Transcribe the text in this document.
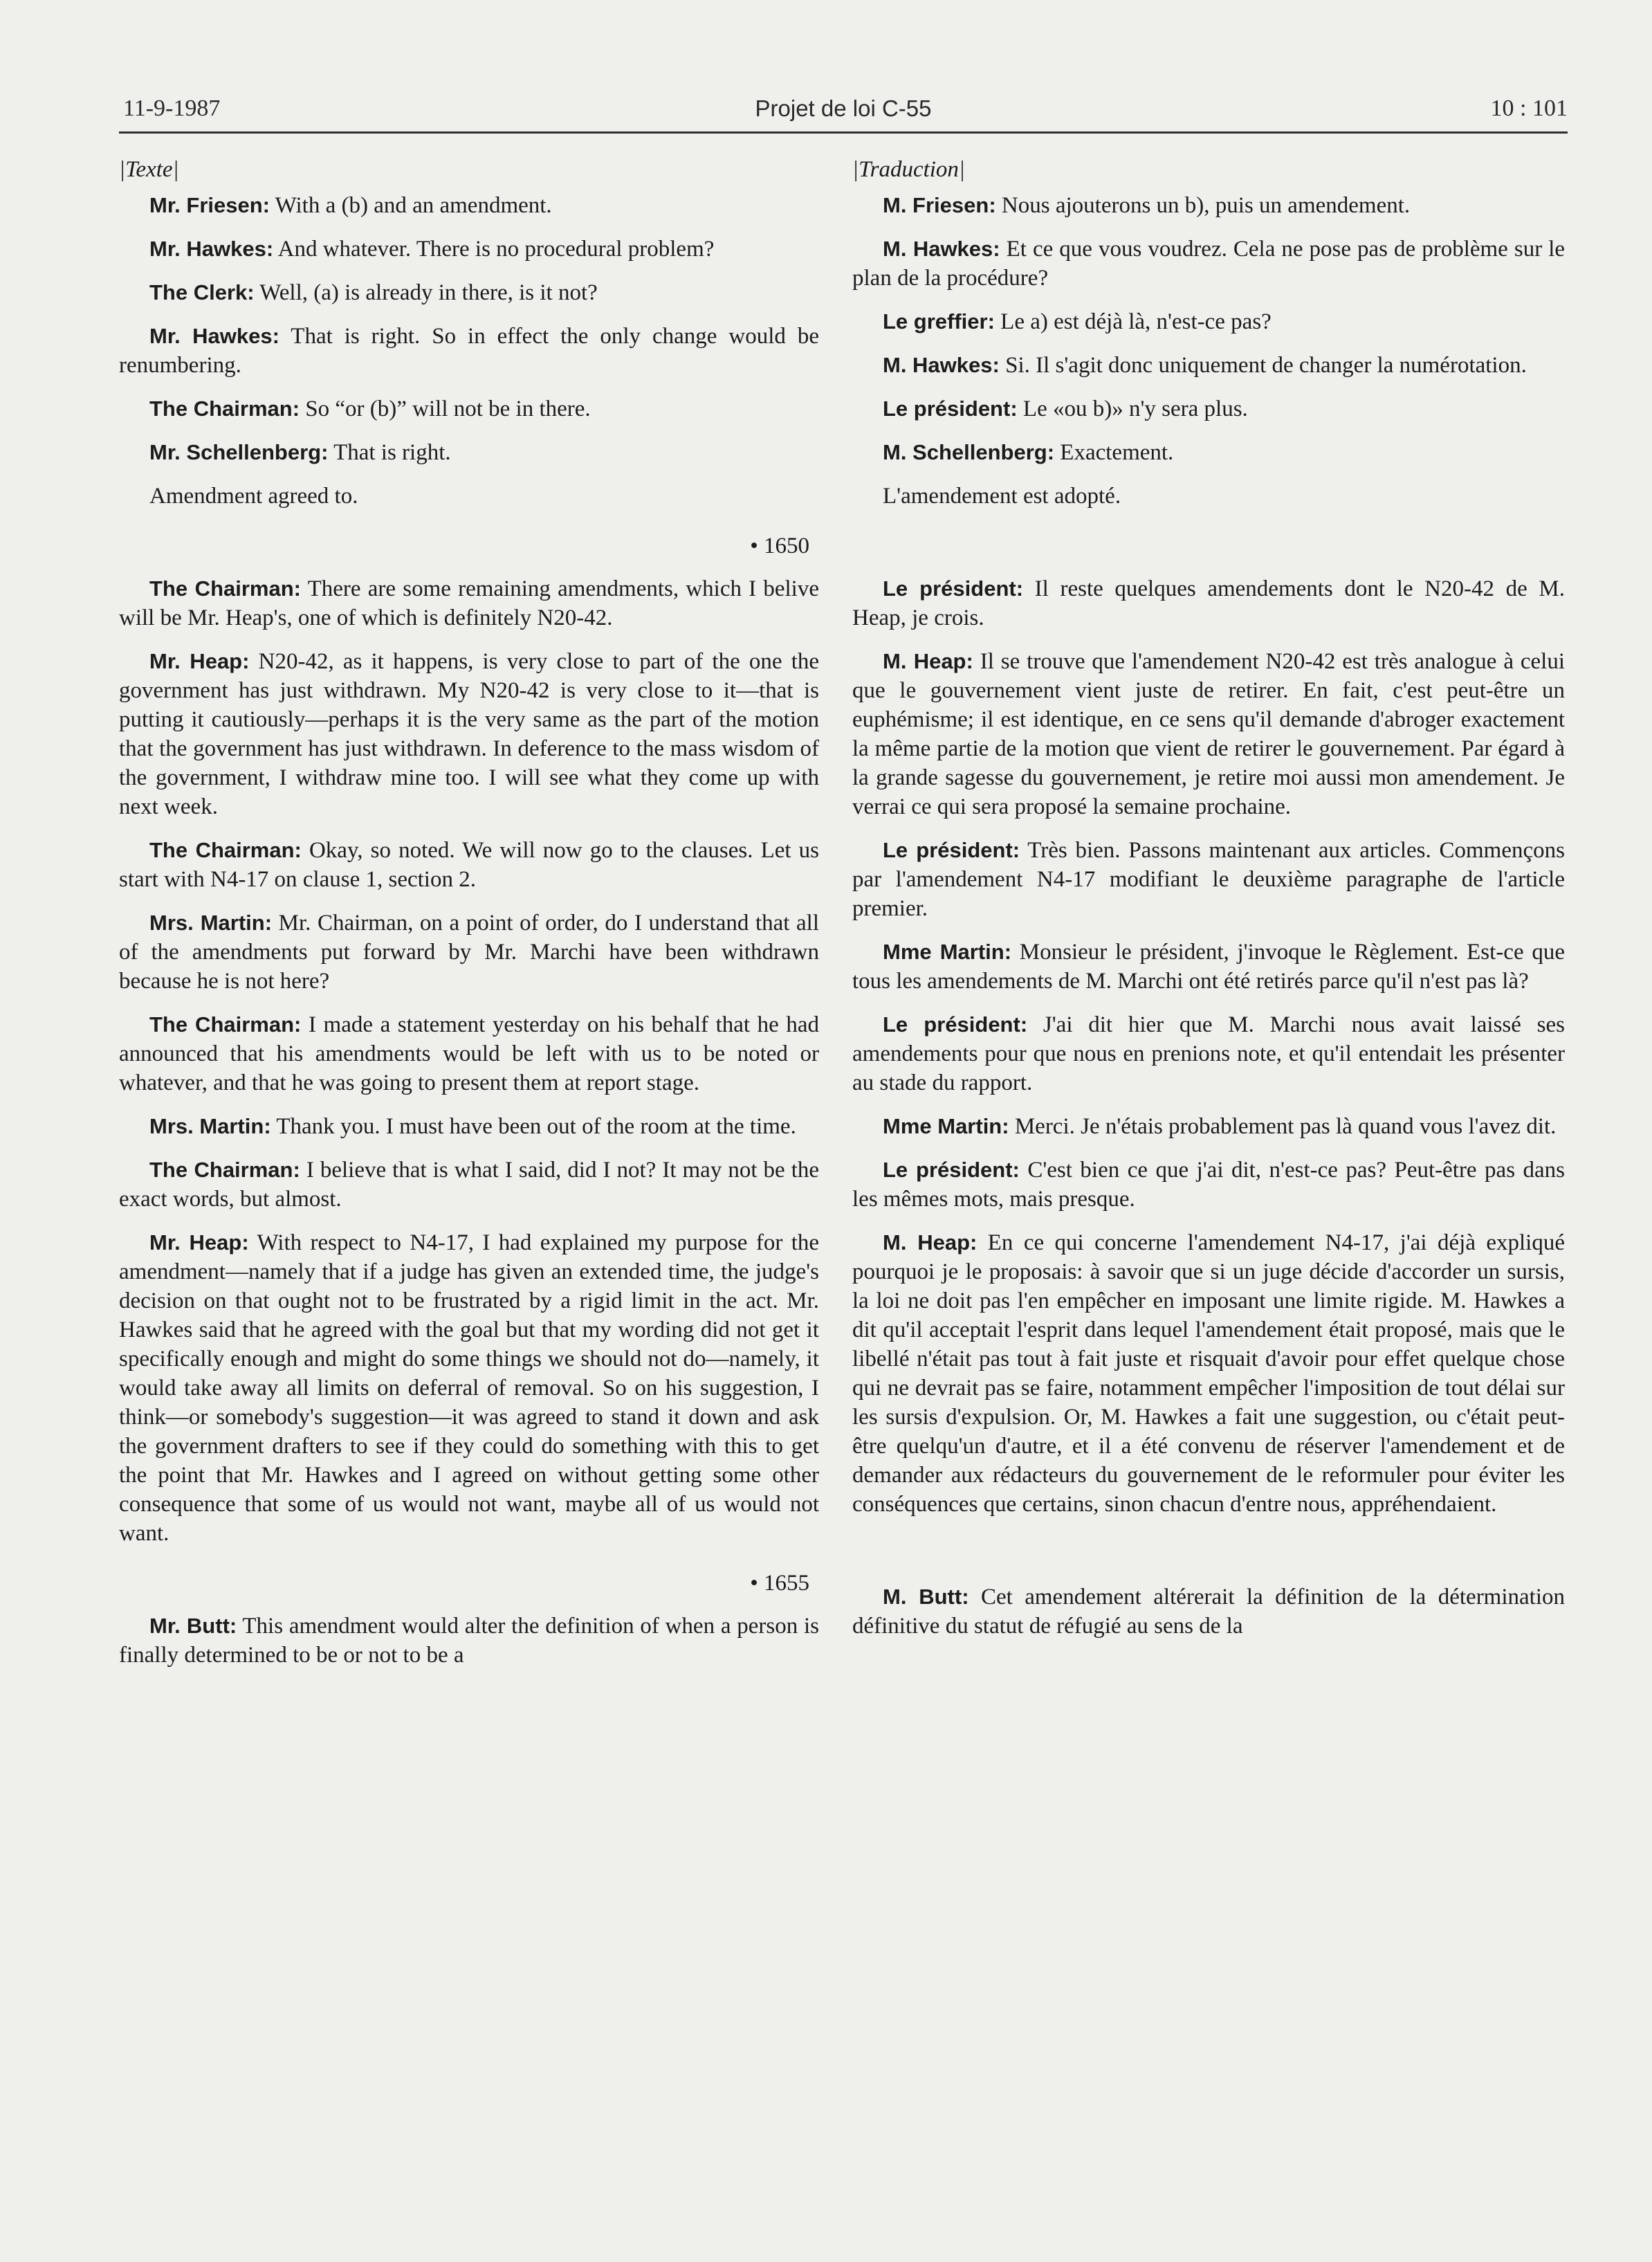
11-9-1987	Projet de loi C-55	10 : 101
|Texte|

Mr. Friesen: With a (b) and an amendment.

Mr. Hawkes: And whatever. There is no procedural problem?

The Clerk: Well, (a) is already in there, is it not?

Mr. Hawkes: That is right. So in effect the only change would be renumbering.

The Chairman: So “or (b)” will not be in there.

Mr. Schellenberg: That is right.

Amendment agreed to.

• 1650

The Chairman: There are some remaining amendments, which I belive will be Mr. Heap's, one of which is definitely N20-42.

Mr. Heap: N20-42, as it happens, is very close to part of the one the government has just withdrawn. My N20-42 is very close to it—that is putting it cautiously—perhaps it is the very same as the part of the motion that the government has just withdrawn. In deference to the mass wisdom of the government, I withdraw mine too. I will see what they come up with next week.

The Chairman: Okay, so noted. We will now go to the clauses. Let us start with N4-17 on clause 1, section 2.

Mrs. Martin: Mr. Chairman, on a point of order, do I understand that all of the amendments put forward by Mr. Marchi have been withdrawn because he is not here?

The Chairman: I made a statement yesterday on his behalf that he had announced that his amendments would be left with us to be noted or whatever, and that he was going to present them at report stage.

Mrs. Martin: Thank you. I must have been out of the room at the time.

The Chairman: I believe that is what I said, did I not? It may not be the exact words, but almost.

Mr. Heap: With respect to N4-17, I had explained my purpose for the amendment—namely that if a judge has given an extended time, the judge's decision on that ought not to be frustrated by a rigid limit in the act. Mr. Hawkes said that he agreed with the goal but that my wording did not get it specifically enough and might do some things we should not do—namely, it would take away all limits on deferral of removal. So on his suggestion, I think—or somebody's suggestion—it was agreed to stand it down and ask the government drafters to see if they could do something with this to get the point that Mr. Hawkes and I agreed on without getting some other consequence that some of us would not want, maybe all of us would not want.

• 1655

Mr. Butt: This amendment would alter the definition of when a person is finally determined to be or not to be a

|Traduction|

M. Friesen: Nous ajouterons un b), puis un amendement.

M. Hawkes: Et ce que vous voudrez. Cela ne pose pas de problème sur le plan de la procédure?

Le greffier: Le a) est déjà là, n'est-ce pas?

M. Hawkes: Si. Il s'agit donc uniquement de changer la numérotation.

Le président: Le «ou b)» n'y sera plus.

M. Schellenberg: Exactement.

L'amendement est adopté.

Le président: Il reste quelques amendements dont le N20-42 de M. Heap, je crois.

M. Heap: Il se trouve que l'amendement N20-42 est très analogue à celui que le gouvernement vient juste de retirer. En fait, c'est peut-être un euphémisme; il est identique, en ce sens qu'il demande d'abroger exactement la même partie de la motion que vient de retirer le gouvernement. Par égard à la grande sagesse du gouvernement, je retire moi aussi mon amendement. Je verrai ce qui sera proposé la semaine prochaine.

Le président: Très bien. Passons maintenant aux articles. Commençons par l'amendement N4-17 modifiant le deuxième paragraphe de l'article premier.

Mme Martin: Monsieur le président, j'invoque le Règlement. Est-ce que tous les amendements de M. Marchi ont été retirés parce qu'il n'est pas là?

Le président: J'ai dit hier que M. Marchi nous avait laissé ses amendements pour que nous en prenions note, et qu'il entendait les présenter au stade du rapport.

Mme Martin: Merci. Je n'étais probablement pas là quand vous l'avez dit.

Le président: C'est bien ce que j'ai dit, n'est-ce pas? Peut-être pas dans les mêmes mots, mais presque.

M. Heap: En ce qui concerne l'amendement N4-17, j'ai déjà expliqué pourquoi je le proposais: à savoir que si un juge décide d'accorder un sursis, la loi ne doit pas l'en empêcher en imposant une limite rigide. M. Hawkes a dit qu'il acceptait l'esprit dans lequel l'amendement était proposé, mais que le libellé n'était pas tout à fait juste et risquait d'avoir pour effet quelque chose qui ne devrait pas se faire, notamment empêcher l'imposition de tout délai sur les sursis d'expulsion. Or, M. Hawkes a fait une suggestion, ou c'était peut-être quelqu'un d'autre, et il a été convenu de réserver l'amendement et de demander aux rédacteurs du gouvernement de le reformuler pour éviter les conséquences que certains, sinon chacun d'entre nous, appréhendaient.

M. Butt: Cet amendement altérerait la définition de la détermination définitive du statut de réfugié au sens de la
